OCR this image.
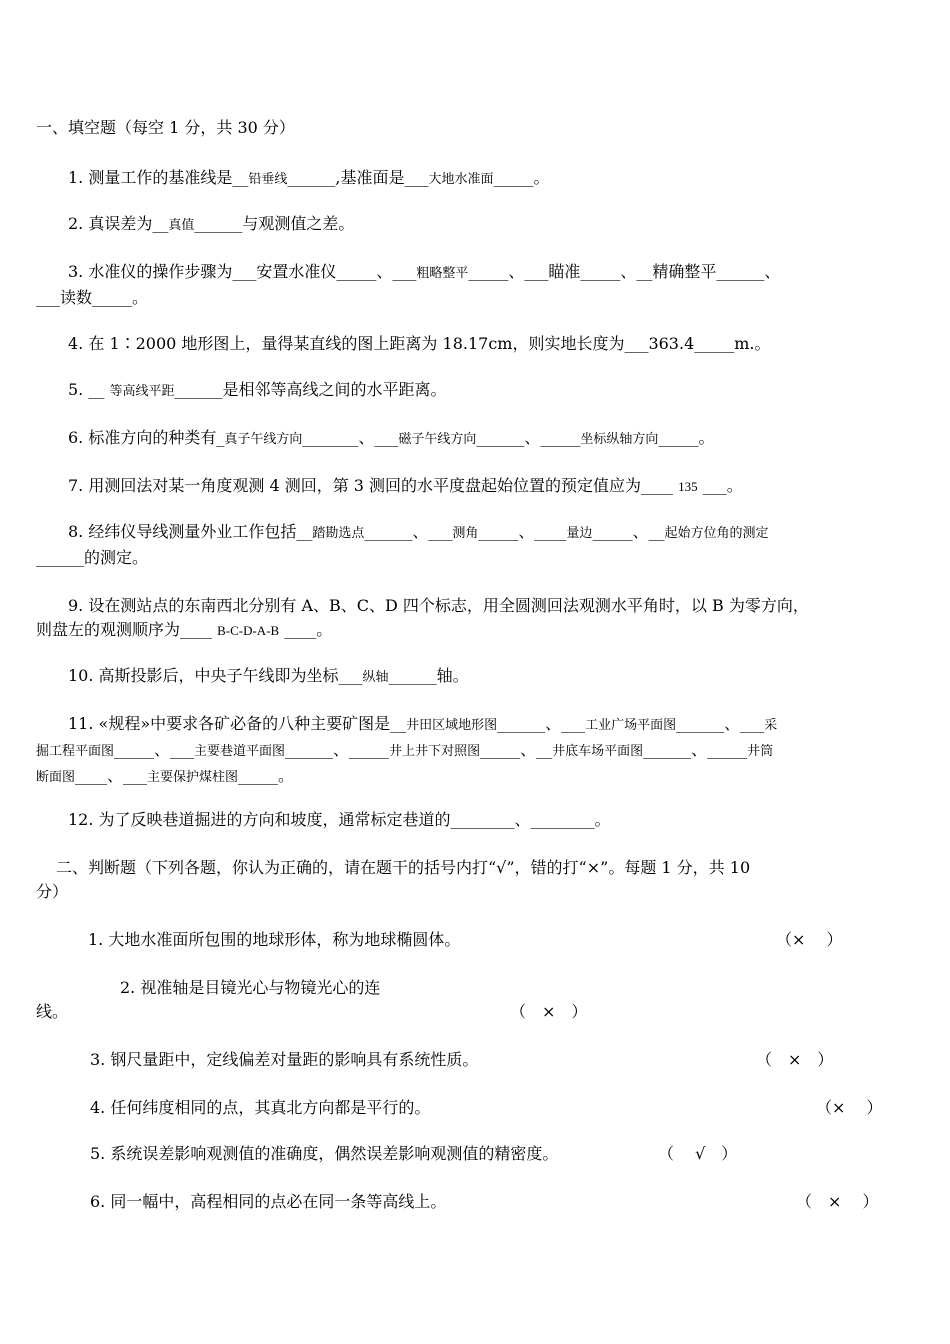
一、填空题（每空 1 分，共 30 分）
1. 测量工作的基准线是__铅垂线______,基准面是___大地水准面_____。
2. 真误差为__真值______与观测值之差。
3. 水准仪的操作步骤为___安置水准仪_____、___粗略整平_____、___瞄准_____、__精确整平______、
___读数_____。
4. 在 1∶2000 地形图上，量得某直线的图上距离为 18.17cm，则实地长度为___363.4_____m.。
5. __ 等高线平距______是相邻等高线之间的水平距离。
6. 标准方向的种类有_真子午线方向_______、___磁子午线方向______、_____坐标纵轴方向_____。
7. 用测回法对某一角度观测 4 测回，第 3 测回的水平度盘起始位置的预定值应为____ 135 ___。
8. 经纬仪导线测量外业工作包括__踏勘选点______、___测角_____、____量边_____、__起始方位角的测定
______的测定。
9. 设在测站点的东南西北分别有 A、B、C、D 四个标志，用全圆测回法观测水平角时，以 B 为零方向，
则盘左的观测顺序为____ B-C-D-A-B ____。
10. 高斯投影后，中央子午线即为坐标___纵轴______轴。
11. «规程»中要求各矿必备的八种主要矿图是__井田区域地形图______、___工业广场平面图______、___采
掘工程平面图_____、___主要巷道平面图______、_____井上井下对照图_____、__井底车场平面图______、_____井筒
断面图____、___主要保护煤柱图_____。
12. 为了反映巷道掘进的方向和坡度，通常标定巷道的________、________。
二、判断题（下列各题，你认为正确的，请在题干的括号内打“√”，错的打“×”。每题 1 分，共 10
分）
1. 大地水准面所包围的地球形体，称为地球椭圆体。	（×　 ）
2. 视准轴是目镜光心与物镜光心的连
线。	（　×　）
3. 钢尺量距中，定线偏差对量距的影响具有系统性质。	（　×　）
4. 任何纬度相同的点，其真北方向都是平行的。	（×　 ）
5. 系统误差影响观测值的准确度，偶然误差影响观测值的精密度。	（　 √　）
6. 同一幅中，高程相同的点必在同一条等高线上。	（　×　 ）
